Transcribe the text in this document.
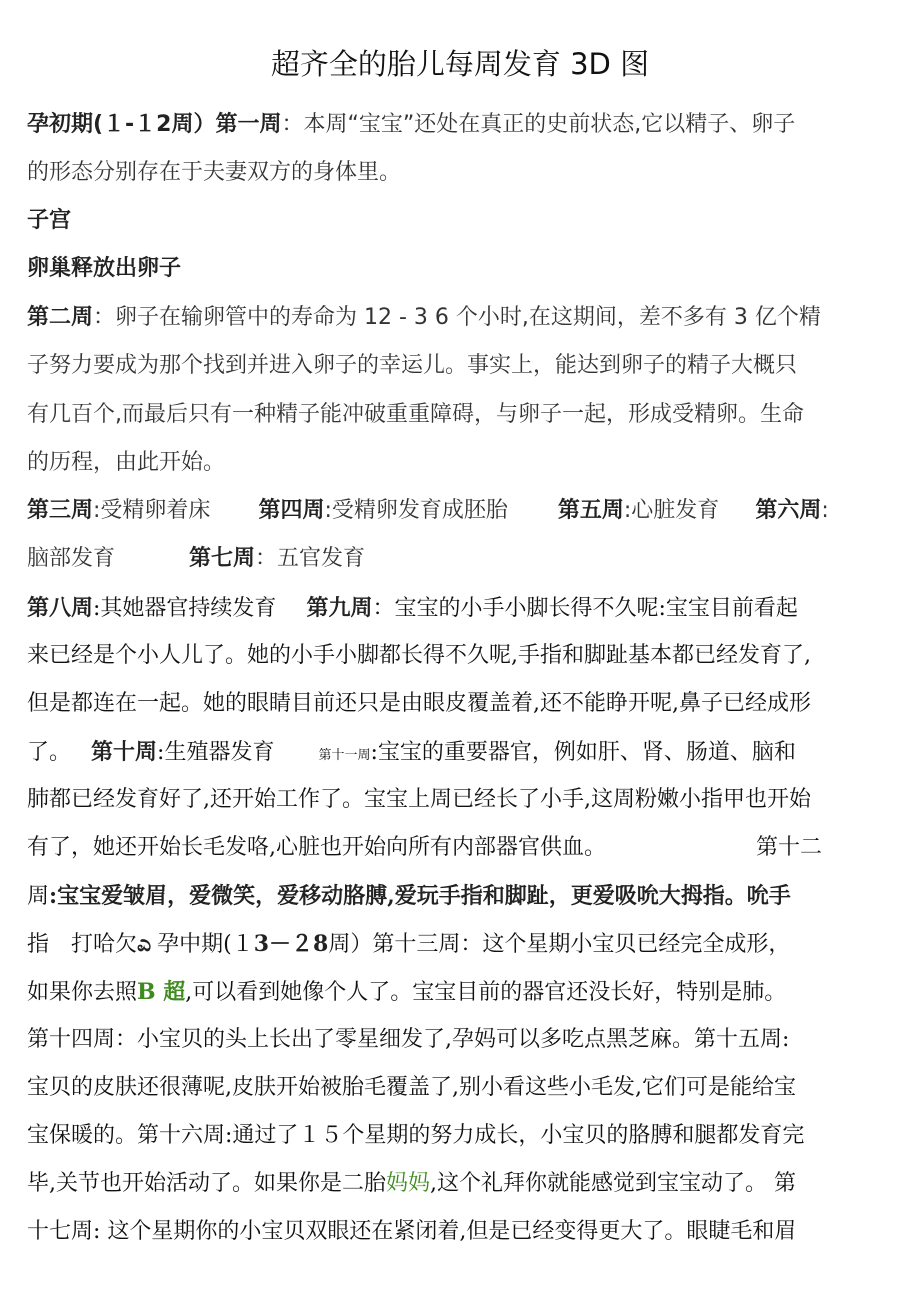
超齐全的胎儿每周发育 3D 图
孕初期(１-１2周）第一周：本周“宝宝”还处在真正的史前状态,它以精子、卵子
的形态分别存在于夫妻双方的身体里。
子宫
卵巢释放出卵子
第二周：卵子在输卵管中的寿命为 12 - 3 6 个小时,在这期间，差不多有 3 亿个精
子努力要成为那个找到并进入卵子的幸运儿。事实上，能达到卵子的精子大概只
有几百个,而最后只有一种精子能冲破重重障碍，与卵子一起，形成受精卵。生命
的历程，由此开始。
第三周:受精卵着床 第四周:受精卵发育成胚胎 第五周:心脏发育 第六周:
脑部发育	第七周：五官发育
第八周:其她器官持续发育 第九周：宝宝的小手小脚长得不久呢:宝宝目前看起
来已经是个小人儿了。她的小手小脚都长得不久呢,手指和脚趾基本都已经发育了,
但是都连在一起。她的眼睛目前还只是由眼皮覆盖着,还不能睁开呢,鼻子已经成形
了。 第十周:生殖器发育	第十一周:宝宝的重要器官，例如肝、肾、肠道、脑和
肺都已经发育好了,还开始工作了。宝宝上周已经长了小手,这周粉嫩小指甲也开始
有了，她还开始长毛发咯,心脏也开始向所有内部器官供血。	第十二
周:宝宝爱皱眉，爱微笑，爱移动胳膊,爱玩手指和脚趾，更爱吸吮大拇指。吮手
指　打哈欠ಎ 孕中期(１3－２8周）第十三周：这个星期小宝贝已经完全成形，
如果你去照B 超,可以看到她像个人了。宝宝目前的器官还没长好，特别是肺。
第十四周：小宝贝的头上长出了零星细发了,孕妈可以多吃点黑芝麻。第十五周:
宝贝的皮肤还很薄呢,皮肤开始被胎毛覆盖了,别小看这些小毛发,它们可是能给宝
宝保暖的。第十六周:通过了１５个星期的努力成长，小宝贝的胳膊和腿都发育完
毕,关节也开始活动了。如果你是二胎妈妈,这个礼拜你就能感觉到宝宝动了。 第
十七周: 这个星期你的小宝贝双眼还在紧闭着,但是已经变得更大了。眼睫毛和眉
